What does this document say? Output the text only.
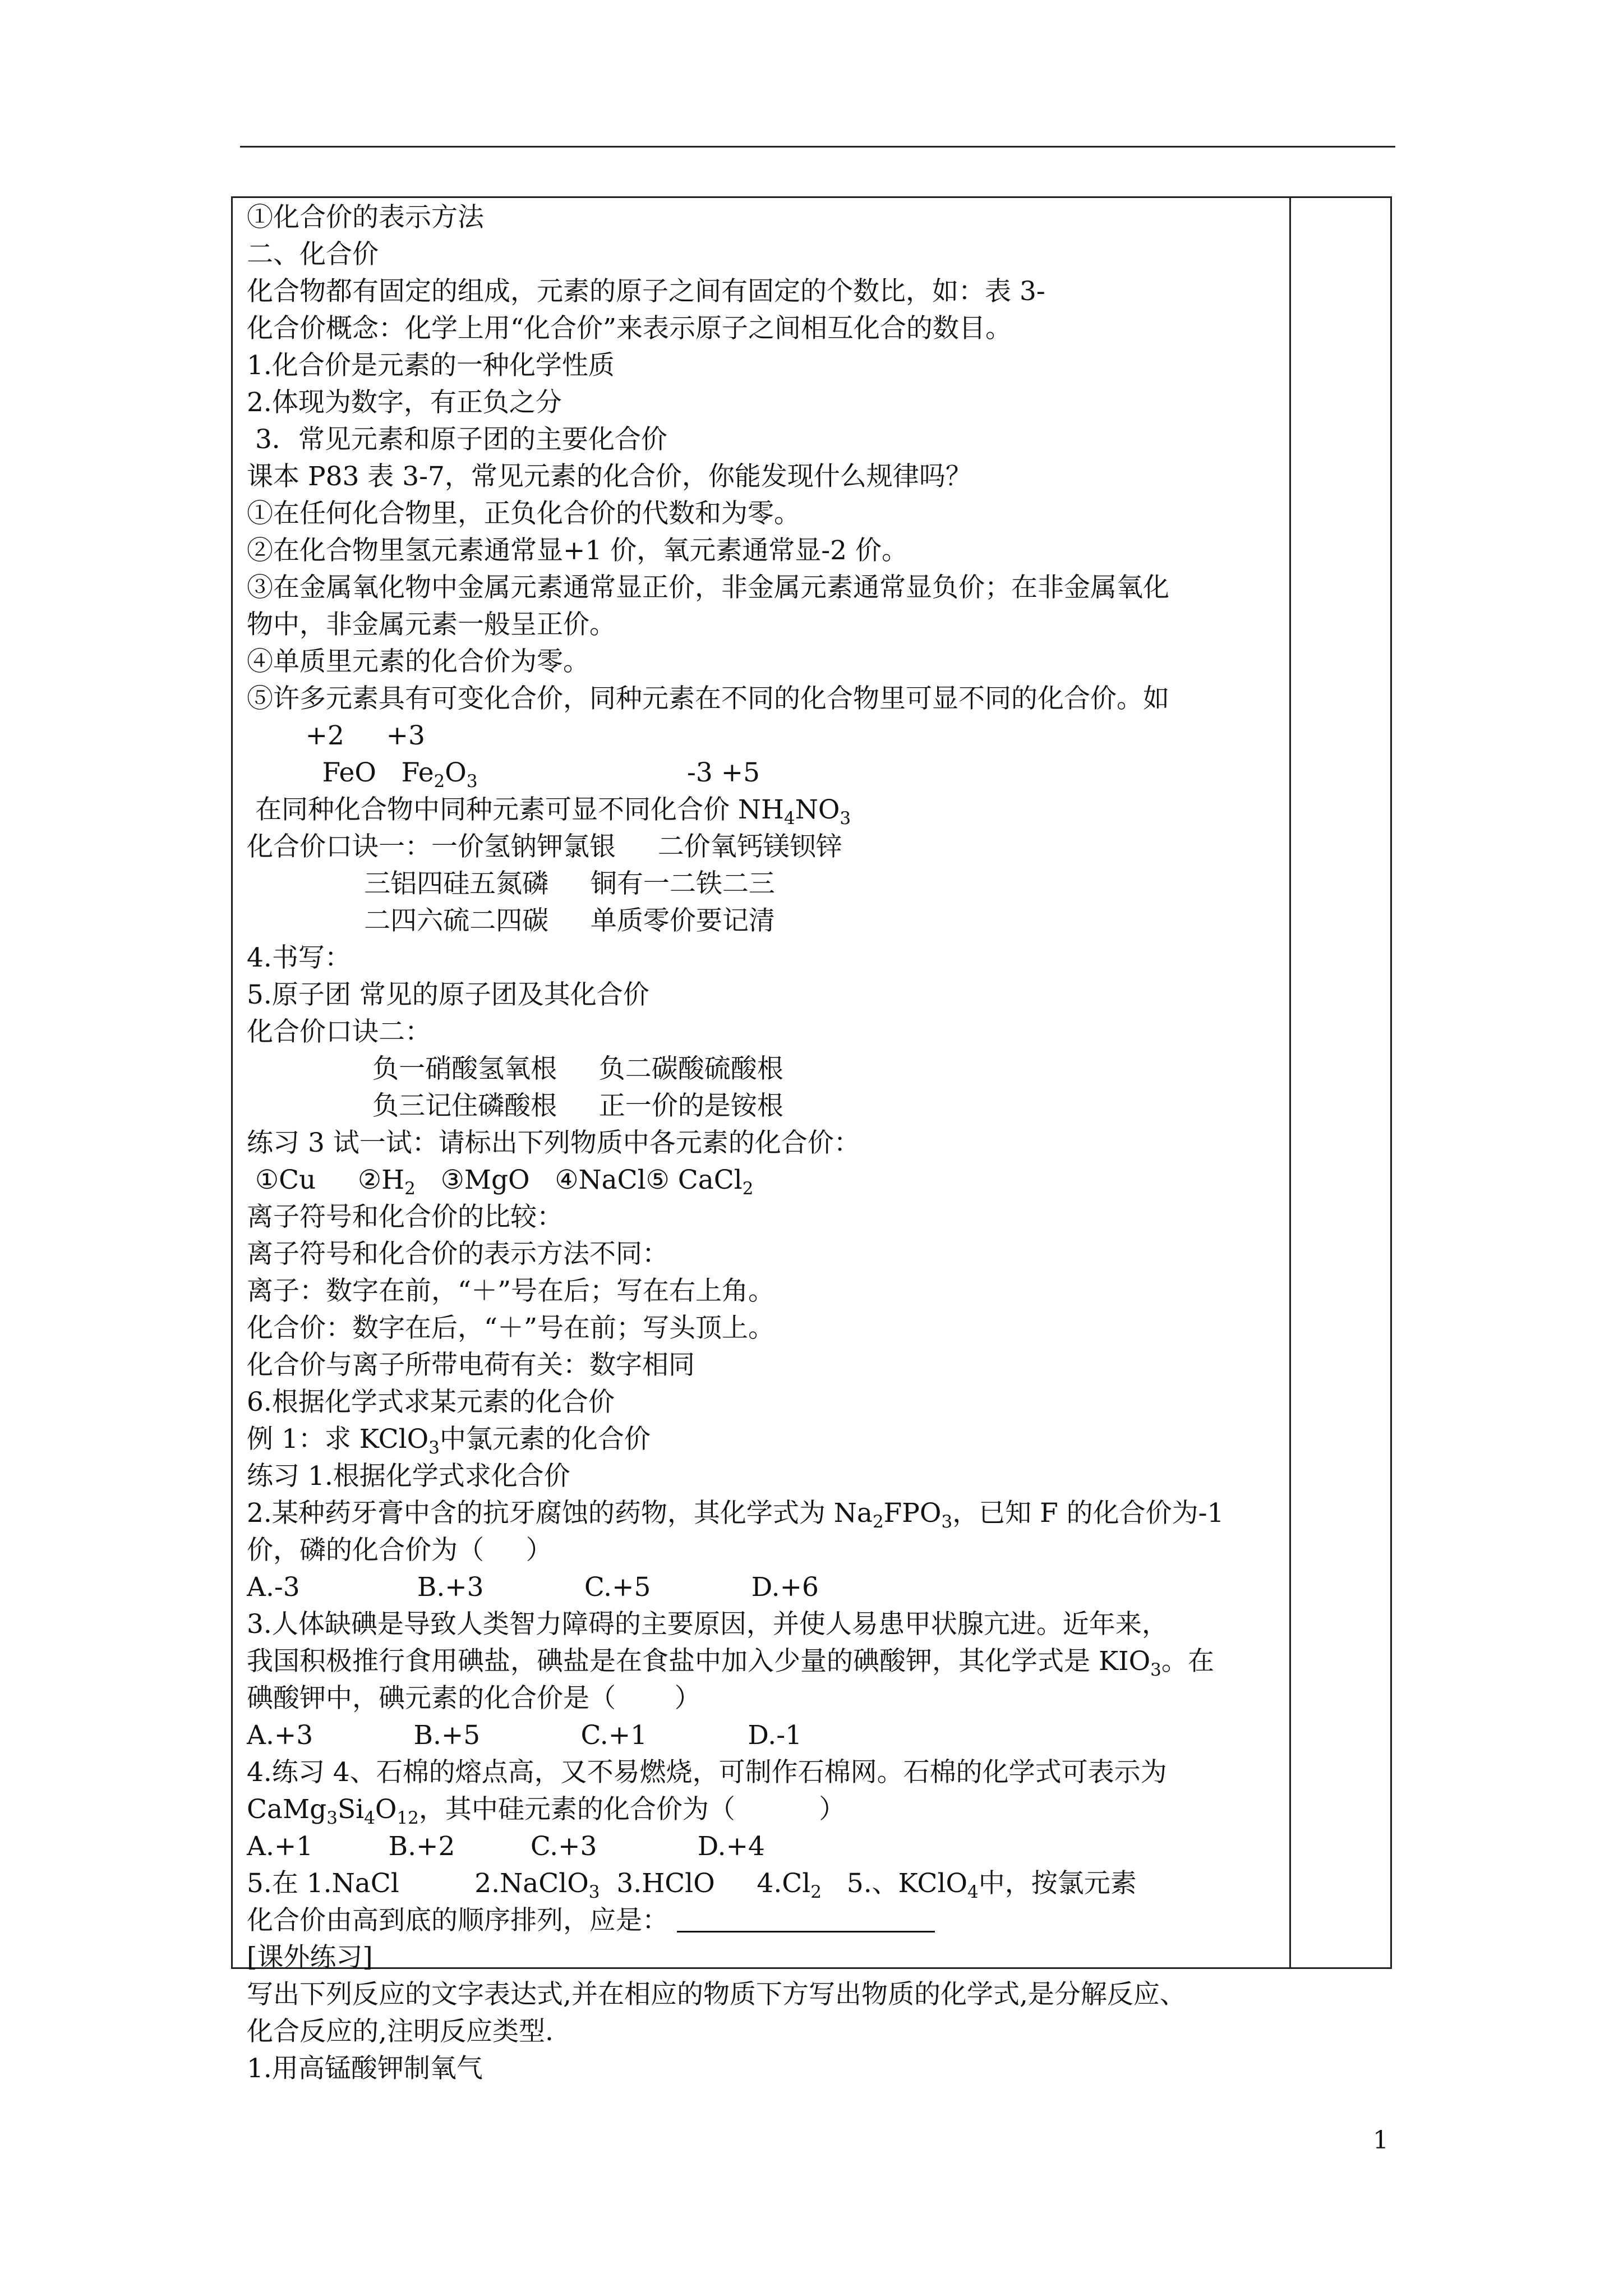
①化合价的表示方法
二、化合价
化合物都有固定的组成，元素的原子之间有固定的个数比，如：表 3-
化合价概念：化学上用“化合价”来表示原子之间相互化合的数目。
1.化合价是元素的一种化学性质
2.体现为数字，有正负之分
3．常见元素和原子团的主要化合价
课本 P83 表 3-7，常见元素的化合价，你能发现什么规律吗？
①在任何化合物里，正负化合价的代数和为零。
②在化合物里氢元素通常显+1 价，氧元素通常显-2 价。
③在金属氧化物中金属元素通常显正价，非金属元素通常显负价；在非金属氧化
物中，非金属元素一般呈正价。
④单质里元素的化合价为零。
⑤许多元素具有可变化合价，同种元素在不同的化合物里可显不同的化合价。如
+2     +3
FeO   $Fe_2O_3$                         -3 +5
在同种化合物中同种元素可显不同化合价 $NH_4NO_3$
化合价口诀一：一价氢钠钾氯银     二价氧钙镁钡锌
三铝四硅五氮磷     铜有一二铁二三
二四六硫二四碳     单质零价要记清
4.书写：
5.原子团 常见的原子团及其化合价
化合价口诀二：
负一硝酸氢氧根     负二碳酸硫酸根
负三记住磷酸根     正一价的是铵根
练习 3 试一试：请标出下列物质中各元素的化合价：
①Cu     $②H_2$   ③MgO   ④NaCl⑤ CaCl$_2$
离子符号和化合价的比较：
离子符号和化合价的表示方法不同：
离子：数字在前，“＋”号在后；写在右上角。
化合价：数字在后，“＋”号在前；写头顶上。
化合价与离子所带电荷有关：数字相同
6.根据化学式求某元素的化合价
例 1：求 KClO$_3$中氯元素的化合价
练习 1.根据化学式求化合价
2.某种药牙膏中含的抗牙腐蚀的药物，其化学式为 $Na_2FPO_3$，已知 F 的化合价为-1
价，磷的化合价为（     ）
A.-3              B.+3            C.+5            D.+6
3.人体缺碘是导致人类智力障碍的主要原因，并使人易患甲状腺亢进。近年来，
我国积极推行食用碘盐，碘盐是在食盐中加入少量的碘酸钾，其化学式是 $KIO_3$。在
碘酸钾中，碘元素的化合价是（       ）
A.+3            B.+5            C.+1            D.-1
4.练习 4、石棉的熔点高，又不易燃烧，可制作石棉网。石棉的化学式可表示为
$CaMg_3Si_4O_{12}$，其中硅元素的化合价为（          ）
A.+1         B.+2         C.+3            D.+4
5.在 1.NaCl         2.NaClO$_3$  3.HClO     $4.Cl_2$   5.、KClO$_4$中，按氯元素
化合价由高到底的顺序排列，应是：
[课外练习]
写出下列反应的文字表达式,并在相应的物质下方写出物质的化学式,是分解反应、
化合反应的,注明反应类型.
1.用高锰酸钾制氧气
1
